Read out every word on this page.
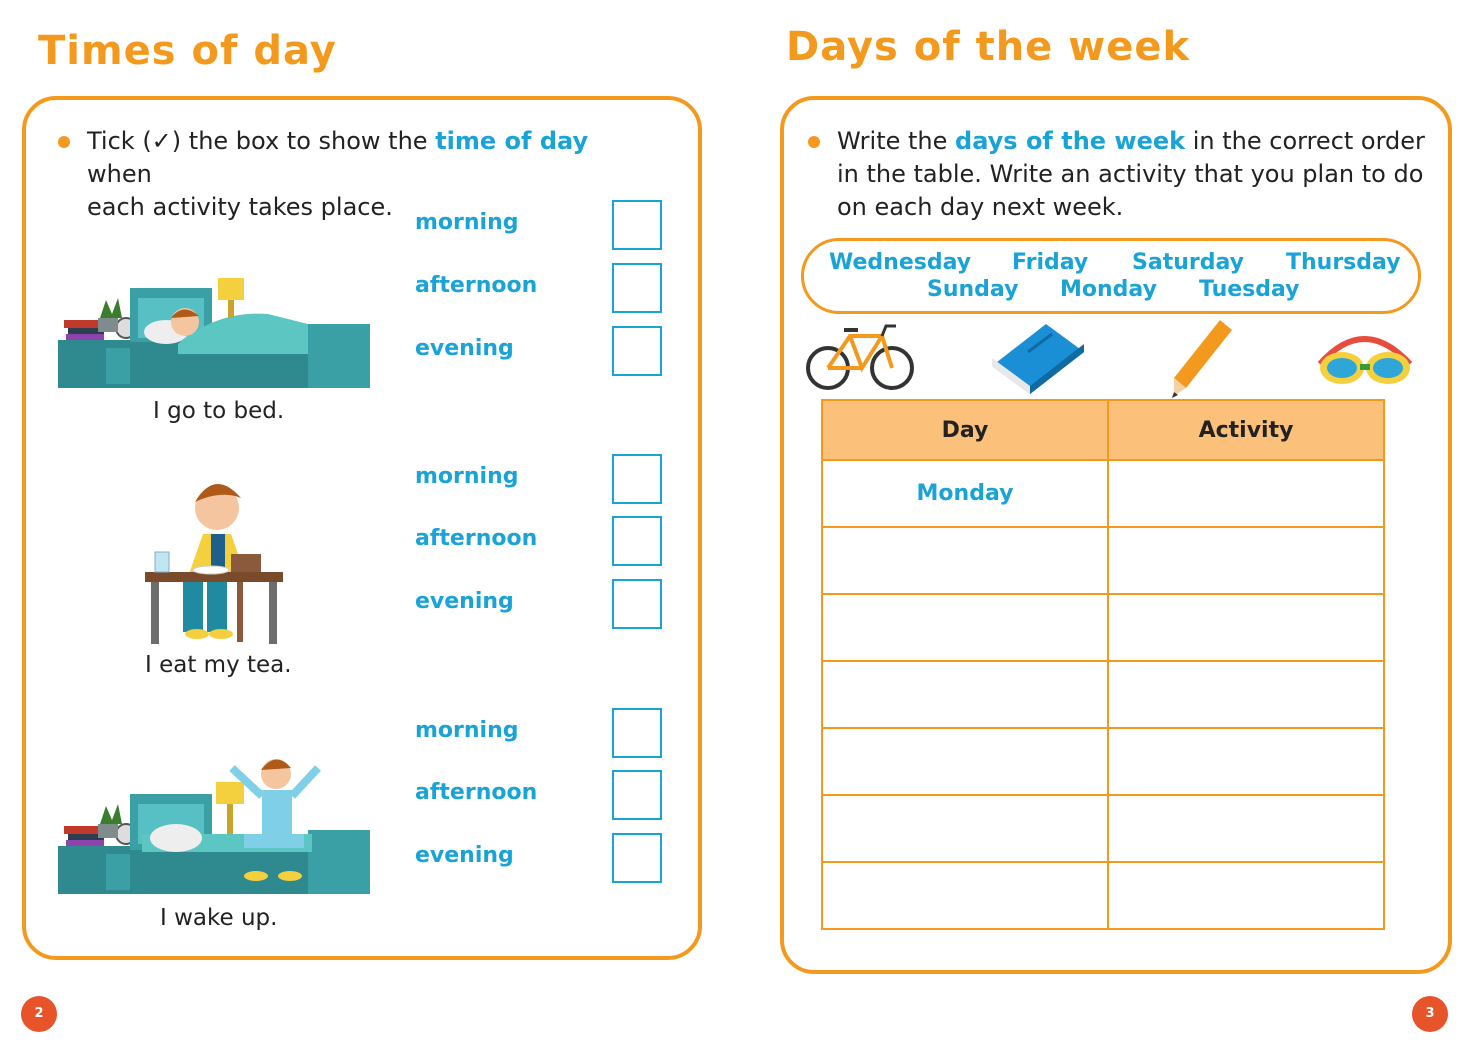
Times of day
Tick (✓) the box to show the time of day when
each activity takes place.
I go to bed.
morning
afternoon
evening
I eat my tea.
morning
afternoon
evening
I wake up.
morning
afternoon
evening
2
Days of the week
Write the days of the week in the correct order
in the table. Write an activity that you plan to do
on each day next week.
Wednesday Friday Saturday Thursday
Sunday Monday Tuesday
Day	Activity
Monday	

3
